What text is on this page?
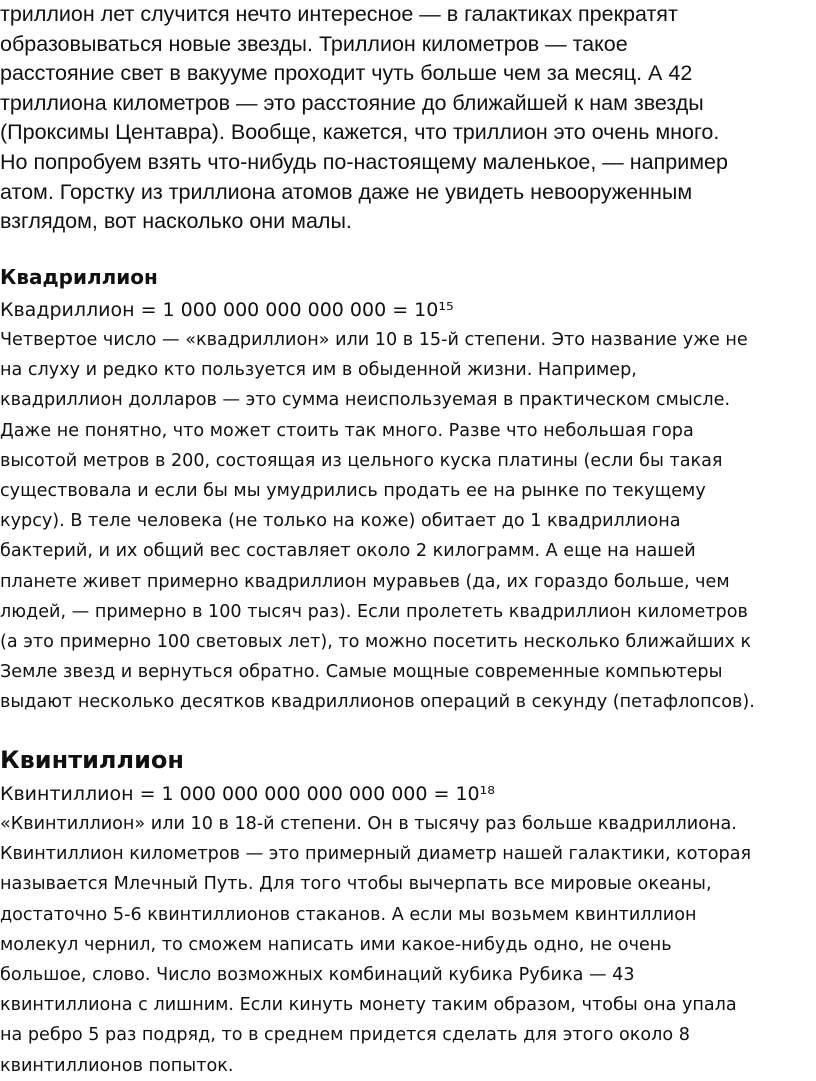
триллион лет случится нечто интересное — в галактиках прекратят
образовываться новые звезды. Триллион километров — такое
расстояние свет в вакууме проходит чуть больше чем за месяц. А 42
триллиона километров — это расстояние до ближайшей к нам звезды
(Проксимы Центавра). Вообще, кажется, что триллион это очень много.
Но попробуем взять что-нибудь по-настоящему маленькое, — например
атом. Горстку из триллиона атомов даже не увидеть невооруженным
взглядом, вот насколько они малы.
Квадриллион
Квадриллион = 1 000 000 000 000 000 = 10¹⁵
Четвертое число — «квадриллион» или 10 в 15-й степени. Это название уже не
на слуху и редко кто пользуется им в обыденной жизни. Например,
квадриллион долларов — это сумма неиспользуемая в практическом смысле.
Даже не понятно, что может стоить так много. Разве что небольшая гора
высотой метров в 200, состоящая из цельного куска платины (если бы такая
существовала и если бы мы умудрились продать ее на рынке по текущему
курсу). В теле человека (не только на коже) обитает до 1 квадриллиона
бактерий, и их общий вес составляет около 2 килограмм. А еще на нашей
планете живет примерно квадриллион муравьев (да, их гораздо больше, чем
людей, — примерно в 100 тысяч раз). Если пролететь квадриллион километров
(а это примерно 100 световых лет), то можно посетить несколько ближайших к
Земле звезд и вернуться обратно. Самые мощные современные компьютеры
выдают несколько десятков квадриллионов операций в секунду (петафлопсов).
Квинтиллион
Квинтиллион = 1 000 000 000 000 000 000 = 10¹⁸
«Квинтиллион» или 10 в 18-й степени. Он в тысячу раз больше квадриллиона.
Квинтиллион километров — это примерный диаметр нашей галактики, которая
называется Млечный Путь. Для того чтобы вычерпать все мировые океаны,
достаточно 5-6 квинтиллионов стаканов. А если мы возьмем квинтиллион
молекул чернил, то сможем написать ими какое-нибудь одно, не очень
большое, слово. Число возможных комбинаций кубика Рубика — 43
квинтиллиона с лишним. Если кинуть монету таким образом, чтобы она упала
на ребро 5 раз подряд, то в среднем придется сделать для этого около 8
квинтиллионов попыток.
